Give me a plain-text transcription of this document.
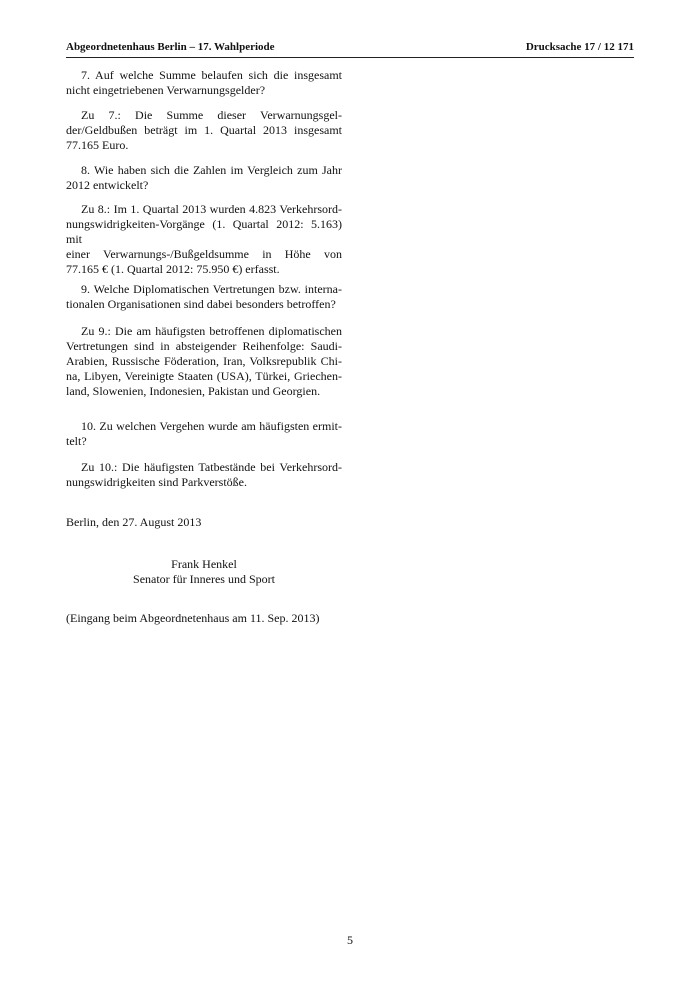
Abgeordnetenhaus Berlin – 17. Wahlperiode	Drucksache 17 / 12 171

7. Auf welche Summe belaufen sich die insgesamt

nicht eingetriebenen Verwarnungsgelder?

Zu 7.: Die Summe dieser Verwarnungsgel-

der/Geldbußen beträgt im 1. Quartal 2013 insgesamt

77.165 Euro.

8. Wie haben sich die Zahlen im Vergleich zum Jahr

2012 entwickelt?

Zu 8.: Im 1. Quartal 2013 wurden 4.823 Verkehrsord-

nungswidrigkeiten-Vorgänge (1. Quartal 2012: 5.163) mit

einer Verwarnungs-/Bußgeldsumme in Höhe von

77.165 € (1. Quartal 2012: 75.950 €) erfasst.

9. Welche Diplomatischen Vertretungen bzw. interna-

tionalen Organisationen sind dabei besonders betroffen?

Zu 9.: Die am häufigsten betroffenen diplomatischen

Vertretungen sind in absteigender Reihenfolge: Saudi-

Arabien, Russische Föderation, Iran, Volksrepublik Chi-

na, Libyen, Vereinigte Staaten (USA), Türkei, Griechen-

land, Slowenien, Indonesien, Pakistan und Georgien.

10. Zu welchen Vergehen wurde am häufigsten ermit-

telt?

Zu 10.: Die häufigsten Tatbestände bei Verkehrsord-

nungswidrigkeiten sind Parkverstöße.

Berlin, den 27. August 2013
Frank Henkel
Senator für Inneres und Sport
(Eingang beim Abgeordnetenhaus am 11. Sep. 2013)
5
